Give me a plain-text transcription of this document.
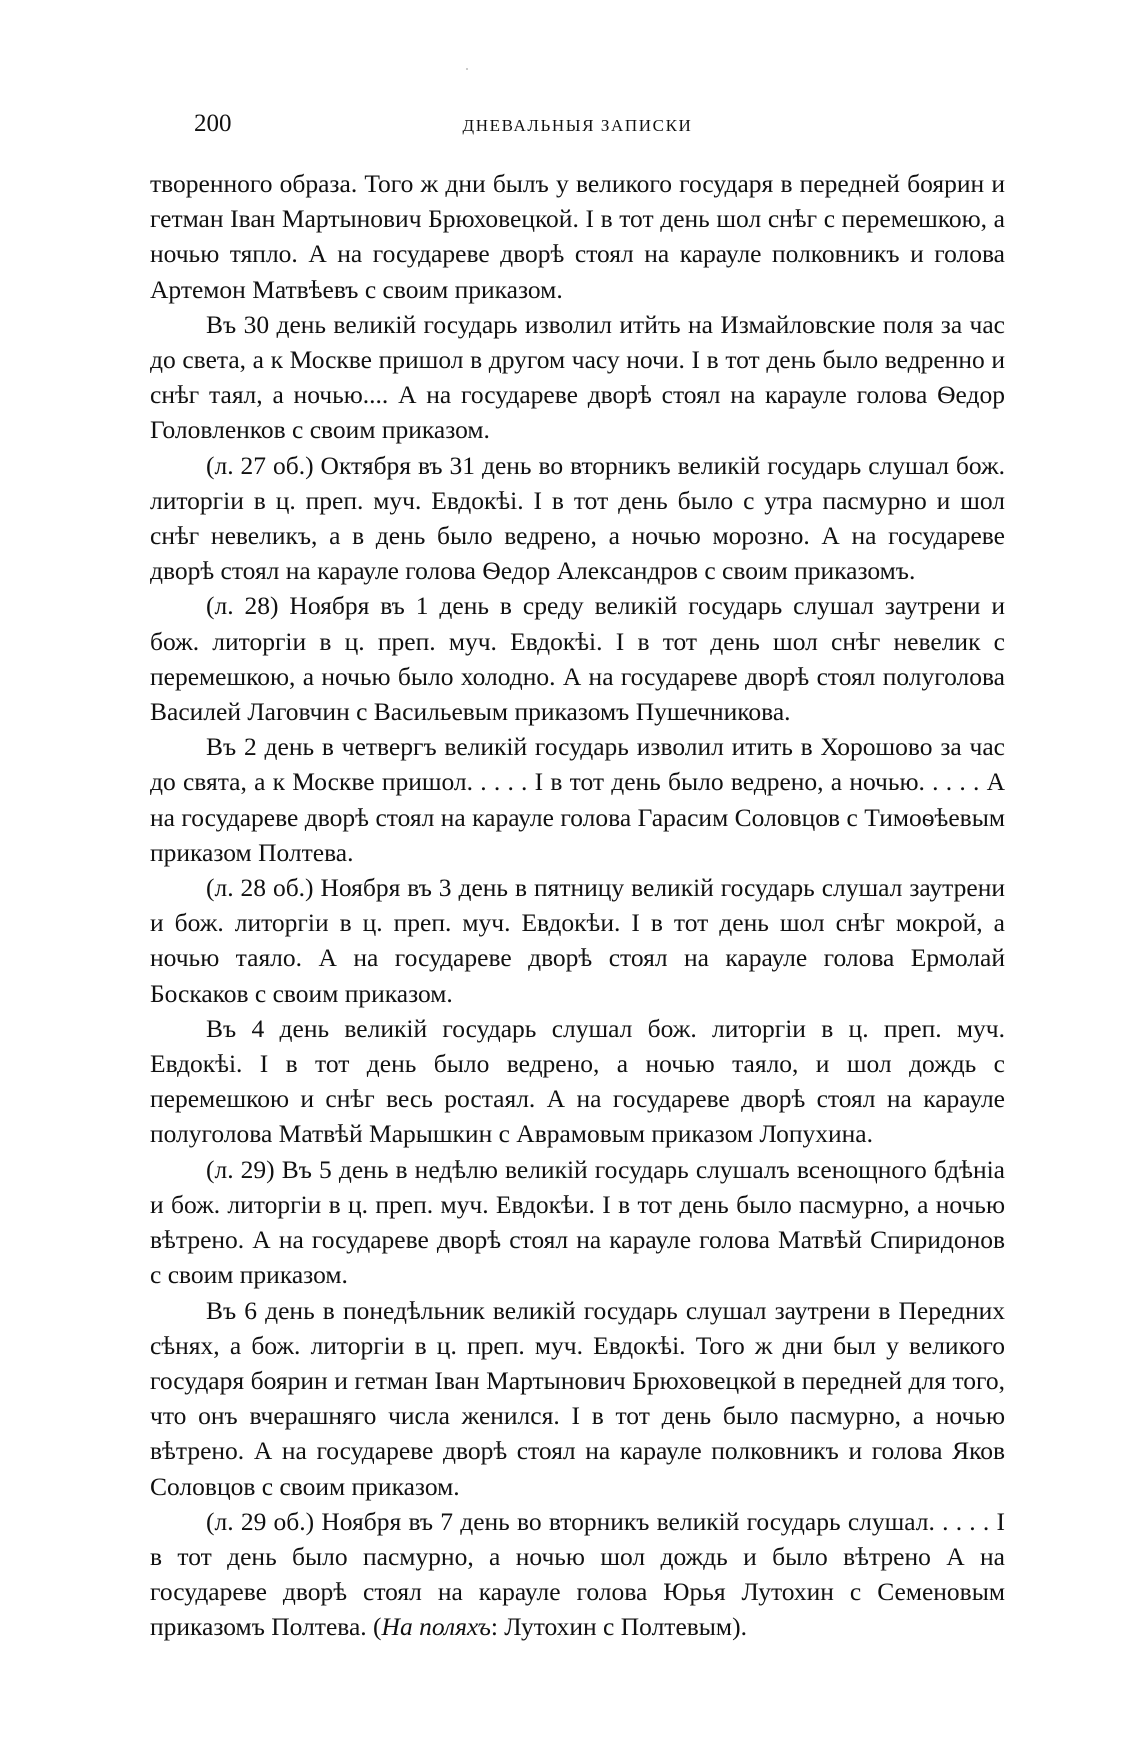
200	ДНЕВАЛЬНЫЯ ЗАПИСКИ

творенного образа. Того ж дни былъ у великого государя в передней боярин и гетман Іван Мартынович Брюховецкой. І в тот день шол снѣг с перемешкою, а ночью тяпло. А на государеве дворѣ стоял на карауле полковникъ и голова Артемон Матвѣевъ с своим приказом.

Въ 30 день великій государь изволил итйть на Измайловские поля за час до света, а к Москве пришол в другом часу ночи. І в тот день было ведренно и снѣг таял, а ночью.... А на государеве дворѣ стоял на карауле голова Ѳедор Головленков с своим приказом.

(л. 27 об.) Октября въ 31 день во вторникъ великій государь слушал бож. литоргіи в ц. преп. муч. Евдокѣі. І в тот день было с утра пасмурно и шол снѣг невеликъ, а в день было ведрено, а ночью морозно. А на государеве дворѣ стоял на карауле голова Ѳедор Александров с своим приказомъ.

(л. 28) Ноября въ 1 день в среду великій государь слушал заутрени и бож. литоргіи в ц. преп. муч. Евдокѣі. І в тот день шол снѣг невелик с перемешкою, а ночью было холодно. А на государеве дворѣ стоял полуголова Василей Лаговчин с Васильевым приказомъ Пушечникова.

Въ 2 день в четвергъ великій государь изволил итить в Хорошово за час до свята, а к Москве пришол. . . . . І в тот день было ведрено, а ночью. . . . . А на государеве дворѣ стоял на карауле голова Гарасим Соловцов с Тимоѳѣевым приказом Полтева.

(л. 28 об.) Ноября въ 3 день в пятницу великій государь слушал заутрени и бож. литоргіи в ц. преп. муч. Евдокѣи. І в тот день шол снѣг мокрой, а ночью таяло. А на государеве дворѣ стоял на карауле голова Ермолай Боскаков с своим приказом.

Въ 4 день великій государь слушал бож. литоргіи в ц. преп. муч. Евдокѣі. І в тот день было ведрено, а ночью таяло, и шол дождь с перемешкою и снѣг весь ростаял. А на государеве дворѣ стоял на карауле полуголова Матвѣй Марышкин с Аврамовым приказом Лопухина.

(л. 29) Въ 5 день в недѣлю великій государь слушалъ всенощного бдѣніа и бож. литоргіи в ц. преп. муч. Евдокѣи. І в тот день было пасмурно, а ночью вѣтрено. А на государеве дворѣ стоял на карауле голова Матвѣй Спиридонов с своим приказом.

Въ 6 день в понедѣльник великій государь слушал заутрени в Передних сѣнях, а бож. литоргіи в ц. преп. муч. Евдокѣі. Того ж дни был у великого государя боярин и гетман Іван Мартынович Брюховецкой в передней для того, что онъ вчерашняго числа женился. І в тот день было пасмурно, а ночью вѣтрено. А на государеве дворѣ стоял на карауле полковникъ и голова Яков Соловцов с своим приказом.

(л. 29 об.) Ноября въ 7 день во вторникъ великій государь слушал. . . . . І в тот день было пасмурно, а ночью шол дождь и было вѣтрено А на государеве дворѣ стоял на карауле голова Юрья Лутохин с Семеновым приказомъ Полтева. (На поляхъ: Лутохин с Полтевым).
